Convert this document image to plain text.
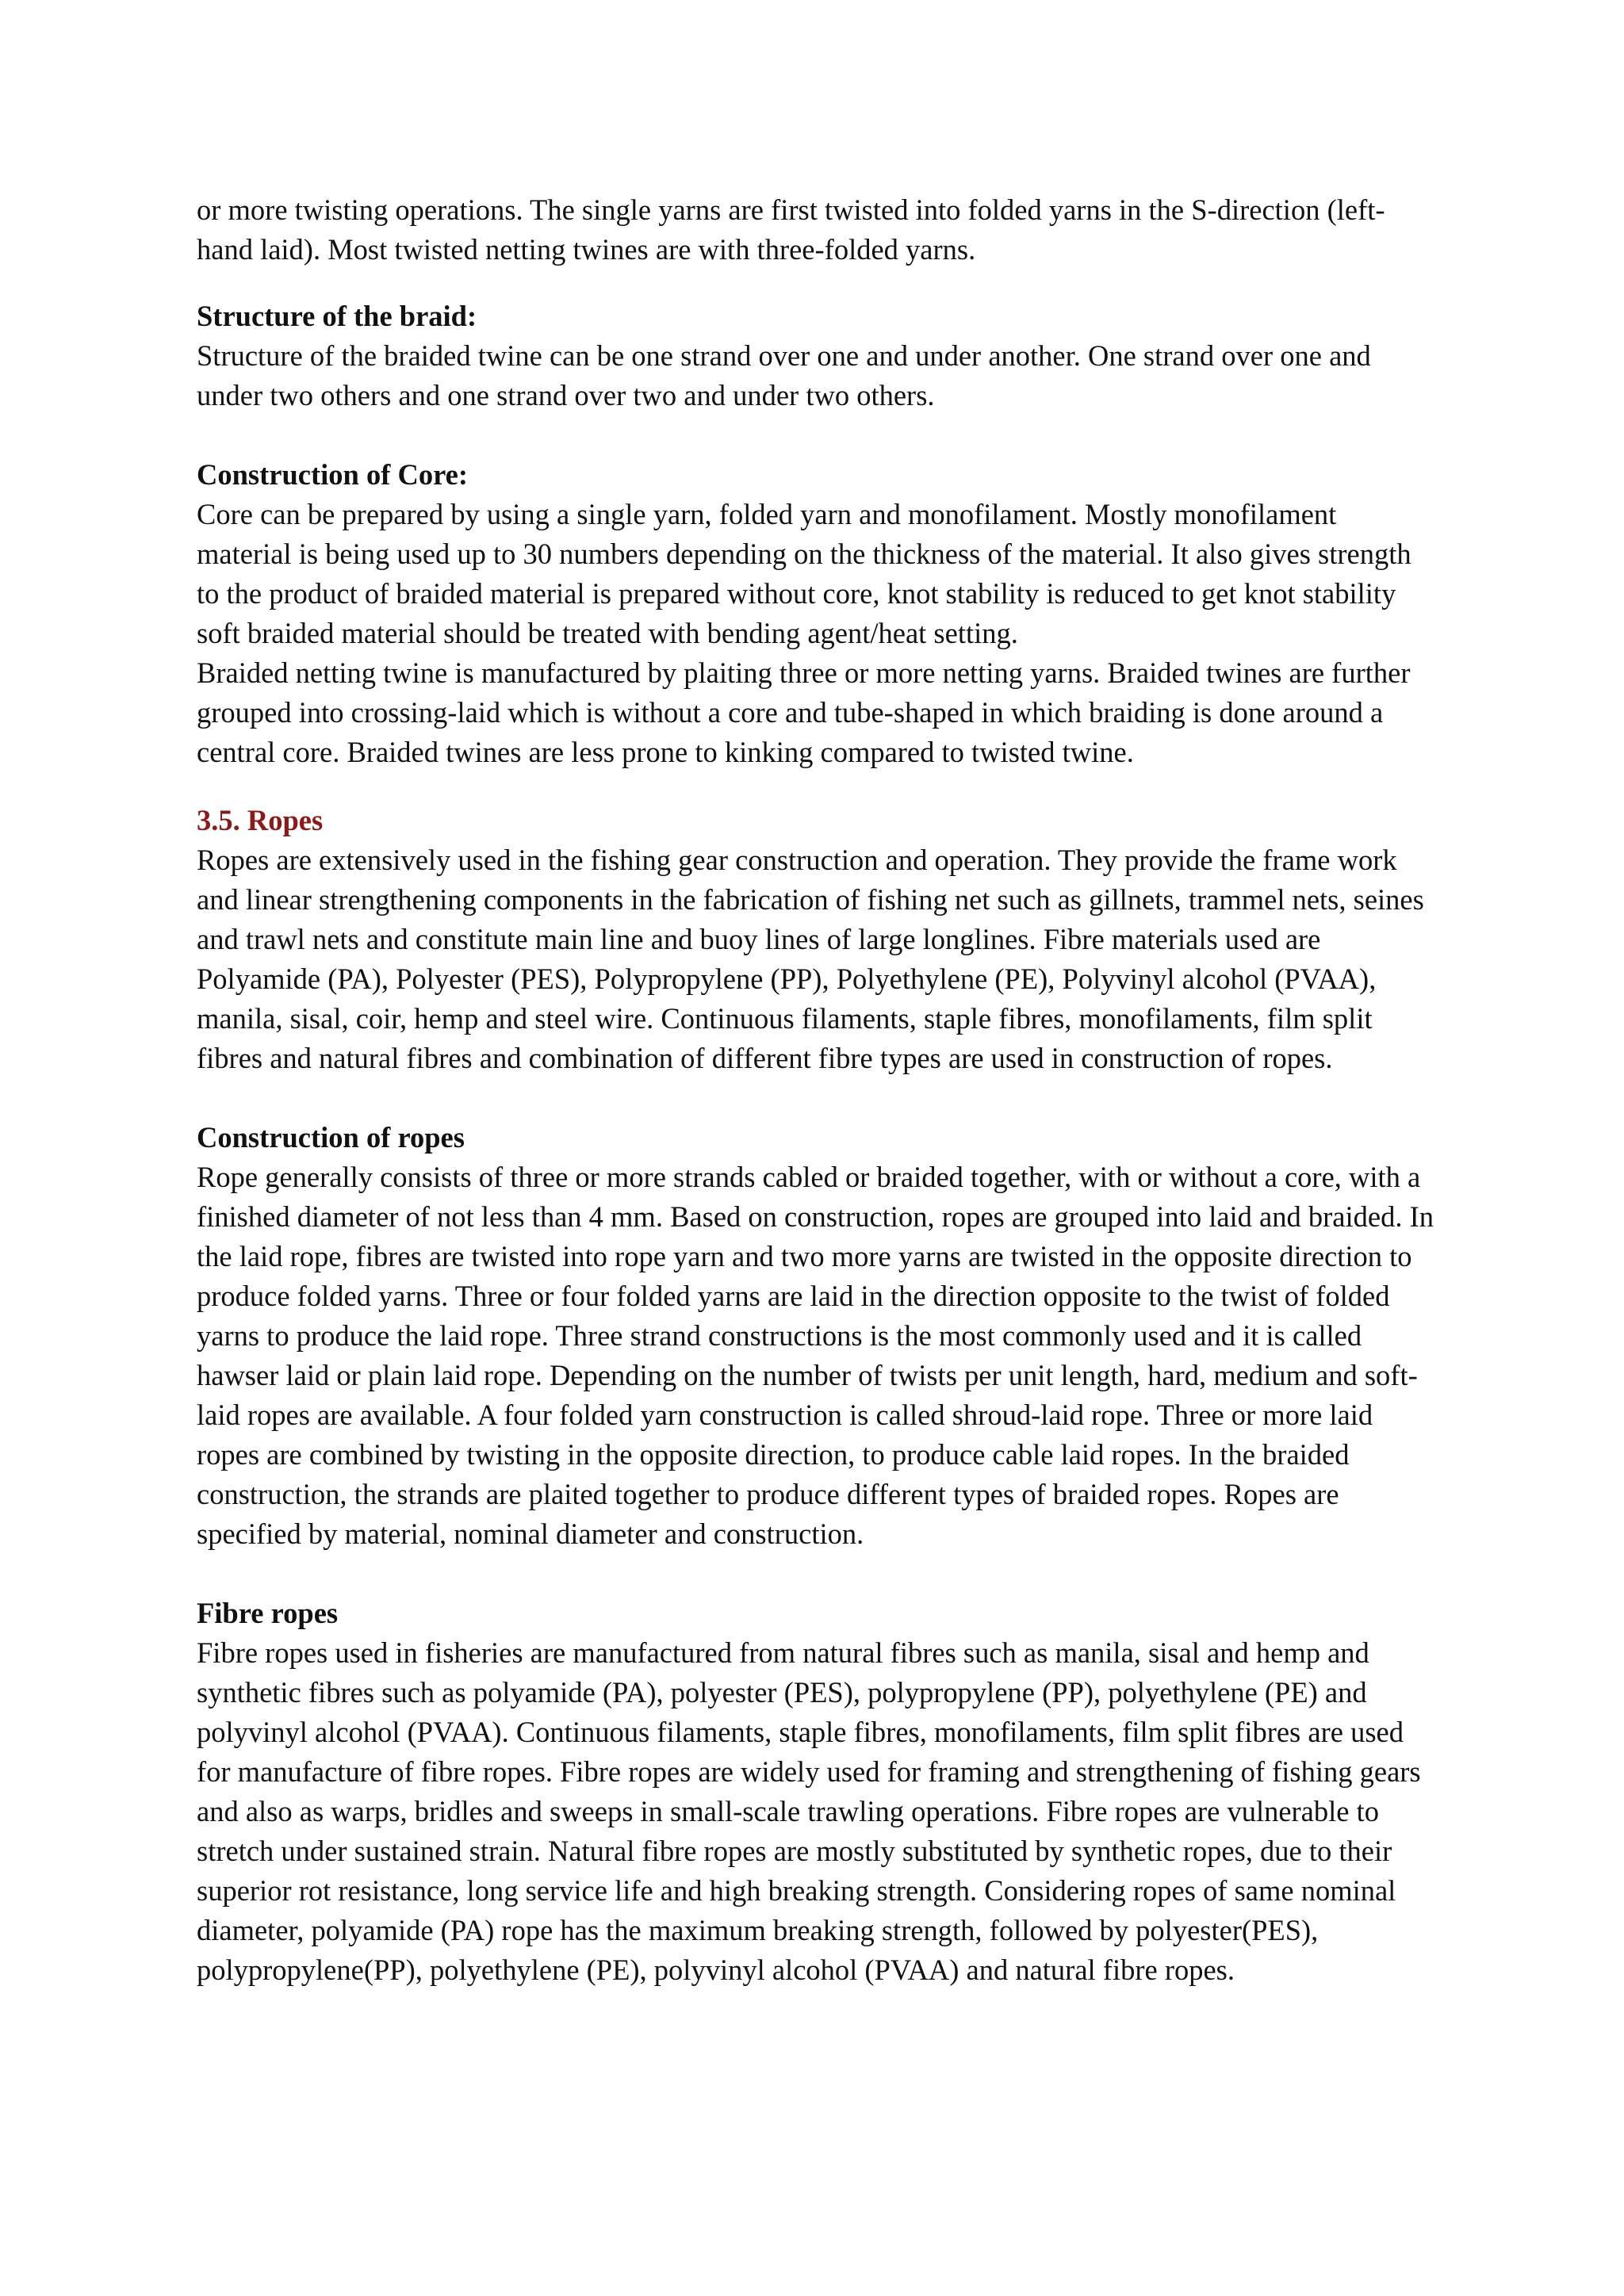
or more twisting operations. The single yarns are first twisted into folded yarns in the S-direction (left-hand laid). Most twisted netting twines are with three-folded yarns.

Structure of the braid:

Structure of the braided twine can be one strand over one and under another. One strand over one and under two others and one strand over two and under two others.

Construction of Core:

Core can be prepared by using a single yarn, folded yarn and monofilament. Mostly monofilament material is being used up to 30 numbers depending on the thickness of the material. It also gives strength to the product of braided material is prepared without core, knot stability is reduced to get knot stability soft braided material should be treated with bending agent/heat setting.

Braided netting twine is manufactured by plaiting three or more netting yarns. Braided twines are further grouped into crossing-laid which is without a core and tube-shaped in which braiding is done around a central core. Braided twines are less prone to kinking compared to twisted twine.

3.5. Ropes

Ropes are extensively used in the fishing gear construction and operation. They provide the frame work and linear strengthening components in the fabrication of fishing net such as gillnets, trammel nets, seines and trawl nets and constitute main line and buoy lines of large longlines. Fibre materials used are Polyamide (PA), Polyester (PES), Polypropylene (PP), Polyethylene (PE), Polyvinyl alcohol (PVAA), manila, sisal, coir, hemp and steel wire. Continuous filaments, staple fibres, monofilaments, film split fibres and natural fibres and combination of different fibre types are used in construction of ropes.

Construction of ropes

Rope generally consists of three or more strands cabled or braided together, with or without a core, with a finished diameter of not less than 4 mm. Based on construction, ropes are grouped into laid and braided. In the laid rope, fibres are twisted into rope yarn and two more yarns are twisted in the opposite direction to produce folded yarns. Three or four folded yarns are laid in the direction opposite to the twist of folded yarns to produce the laid rope. Three strand constructions is the most commonly used and it is called hawser laid or plain laid rope. Depending on the number of twists per unit length, hard, medium and soft-laid ropes are available. A four folded yarn construction is called shroud-laid rope. Three or more laid ropes are combined by twisting in the opposite direction, to produce cable laid ropes. In the braided construction, the strands are plaited together to produce different types of braided ropes. Ropes are specified by material, nominal diameter and construction.

Fibre ropes

Fibre ropes used in fisheries are manufactured from natural fibres such as manila, sisal and hemp and synthetic fibres such as polyamide (PA), polyester (PES), polypropylene (PP), polyethylene (PE) and polyvinyl alcohol (PVAA). Continuous filaments, staple fibres, monofilaments, film split fibres are used for manufacture of fibre ropes. Fibre ropes are widely used for framing and strengthening of fishing gears and also as warps, bridles and sweeps in small-scale trawling operations. Fibre ropes are vulnerable to stretch under sustained strain. Natural fibre ropes are mostly substituted by synthetic ropes, due to their superior rot resistance, long service life and high breaking strength. Considering ropes of same nominal diameter, polyamide (PA) rope has the maximum breaking strength, followed by polyester(PES), polypropylene(PP), polyethylene (PE), polyvinyl alcohol (PVAA) and natural fibre ropes.
